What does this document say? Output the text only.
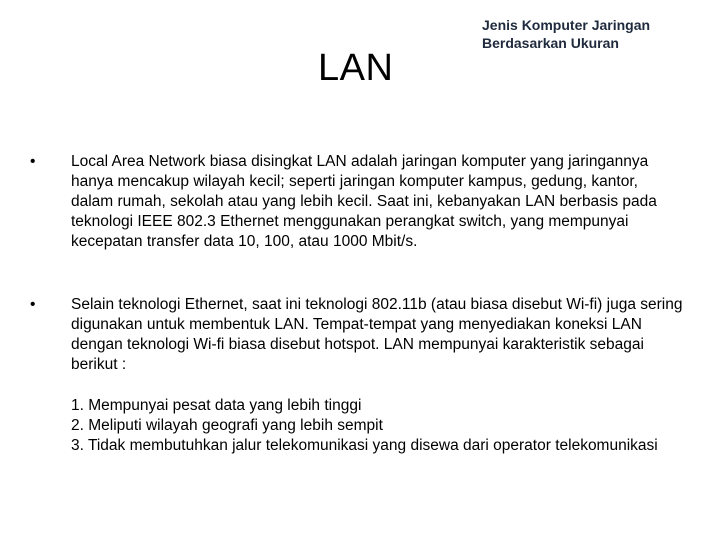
LAN
Jenis Komputer Jaringan
Berdasarkan Ukuran
•	Local Area Network biasa disingkat LAN adalah jaringan komputer yang jaringannya hanya mencakup wilayah kecil; seperti jaringan komputer kampus, gedung, kantor, dalam rumah, sekolah atau yang lebih kecil. Saat ini, kebanyakan LAN berbasis pada teknologi IEEE 802.3 Ethernet menggunakan perangkat switch, yang mempunyai kecepatan transfer data 10, 100, atau 1000 Mbit/s.
•	Selain teknologi Ethernet, saat ini teknologi 802.11b (atau biasa disebut Wi-fi) juga sering digunakan untuk membentuk LAN. Tempat-tempat yang menyediakan koneksi LAN dengan teknologi Wi-fi biasa disebut hotspot. LAN mempunyai karakteristik sebagai berikut :
1. Mempunyai pesat data yang lebih tinggi
2. Meliputi wilayah geografi yang lebih sempit
3. Tidak membutuhkan jalur telekomunikasi yang disewa dari operator telekomunikasi
